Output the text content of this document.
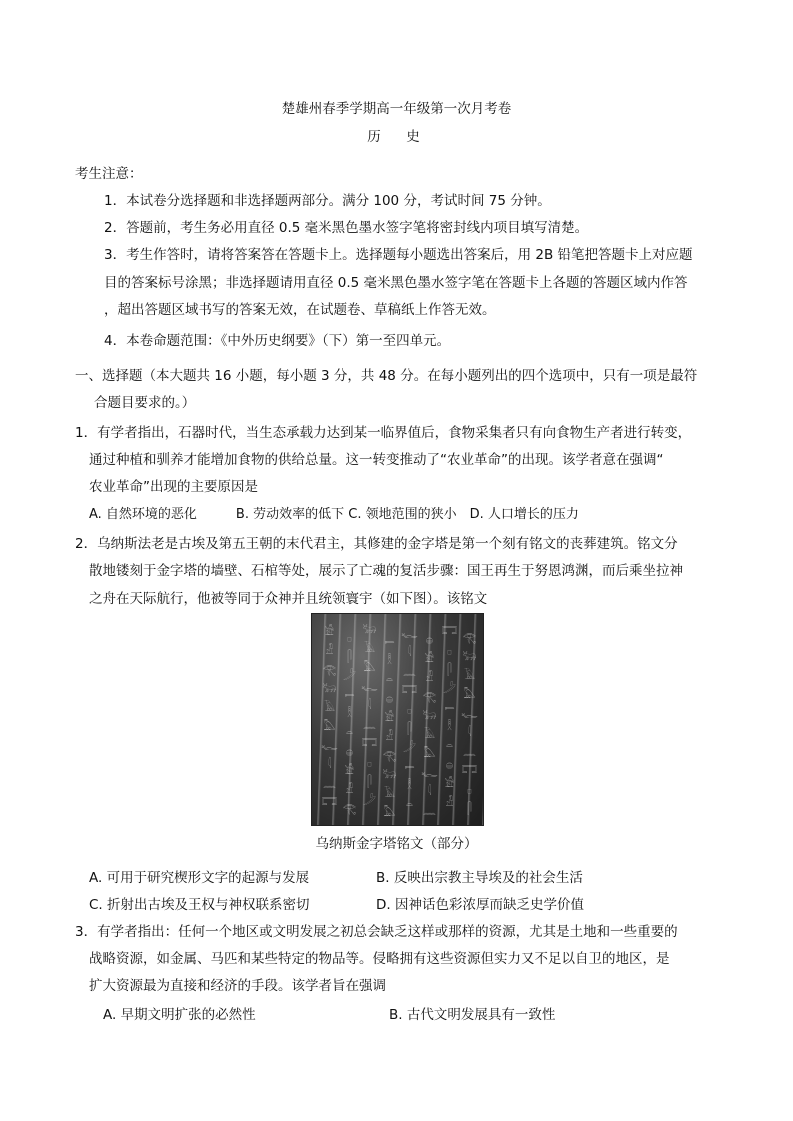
楚雄州春季学期高一年级第一次月考卷
历　史
考生注意：
1．本试卷分选择题和非选择题两部分。满分 100 分，考试时间 75 分钟。
2．答题前，考生务必用直径 0.5 毫米黑色墨水签字笔将密封线内项目填写清楚。
3．考生作答时，请将答案答在答题卡上。选择题每小题选出答案后，用 2B 铅笔把答题卡上对应题
目的答案标号涂黑；非选择题请用直径 0.5 毫米黑色墨水签字笔在答题卡上各题的答题区域内作答
，超出答题区域书写的答案无效，在试题卷、草稿纸上作答无效。
4．本卷命题范围：《中外历史纲要》（下）第一至四单元。
一、选择题（本大题共 16 小题，每小题 3 分，共 48 分。在每小题列出的四个选项中，只有一项是最符
合题目要求的。）
1．有学者指出，石器时代，当生态承载力达到某一临界值后，食物采集者只有向食物生产者进行转变，
通过种植和驯养才能增加食物的供给总量。这一转变推动了“农业革命”的出现。该学者意在强调“
农业革命”出现的主要原因是
A. 自然环境的恶化　　　B. 劳动效率的低下 C. 领地范围的狭小　D. 人口增长的压力
2．乌纳斯法老是古埃及第五王朝的末代君主，其修建的金字塔是第一个刻有铭文的丧葬建筑。铭文分
散地镂刻于金字塔的墙壁、石棺等处，展示了亡魂的复活步骤：国王再生于努恩鸿渊，而后乘坐拉神
之舟在天际航行，他被等同于众神并且统领寰宇（如下图）。该铭文
𓀀𓁐𓂀𓃒𓄿𓅓𓆑𓇋𓈖𓉐 𓊪𓋴𓌳𓍿𓎛𓏏𓐍𓀀𓁐𓂀 𓃒𓄿𓅓𓆑𓇋𓈖𓉐𓊪𓋴𓌳 𓍿𓎛𓏏𓐍𓀀𓁐𓂀𓃒𓄿𓅓 𓆑𓇋𓈖𓉐𓊪𓋴𓌳𓍿𓎛𓏏 𓐍𓀀𓁐𓂀𓃒𓄿𓅓𓆑𓇋𓈖 𓉐𓊪𓋴𓌳𓍿𓎛𓏏𓐍𓀀𓁐 𓂀𓃒𓄿𓅓𓆑𓇋𓈖𓉐𓊪𓋴
乌纳斯金字塔铭文（部分）
A. 可用于研究楔形文字的起源与发展	B. 反映出宗教主导埃及的社会生活
C. 折射出古埃及王权与神权联系密切	D. 因神话色彩浓厚而缺乏史学价值
3．有学者指出：任何一个地区或文明发展之初总会缺乏这样或那样的资源，尤其是土地和一些重要的
战略资源，如金属、马匹和某些特定的物品等。侵略拥有这些资源但实力又不足以自卫的地区，是
扩大资源最为直接和经济的手段。该学者旨在强调
A. 早期文明扩张的必然性	B. 古代文明发展具有一致性
